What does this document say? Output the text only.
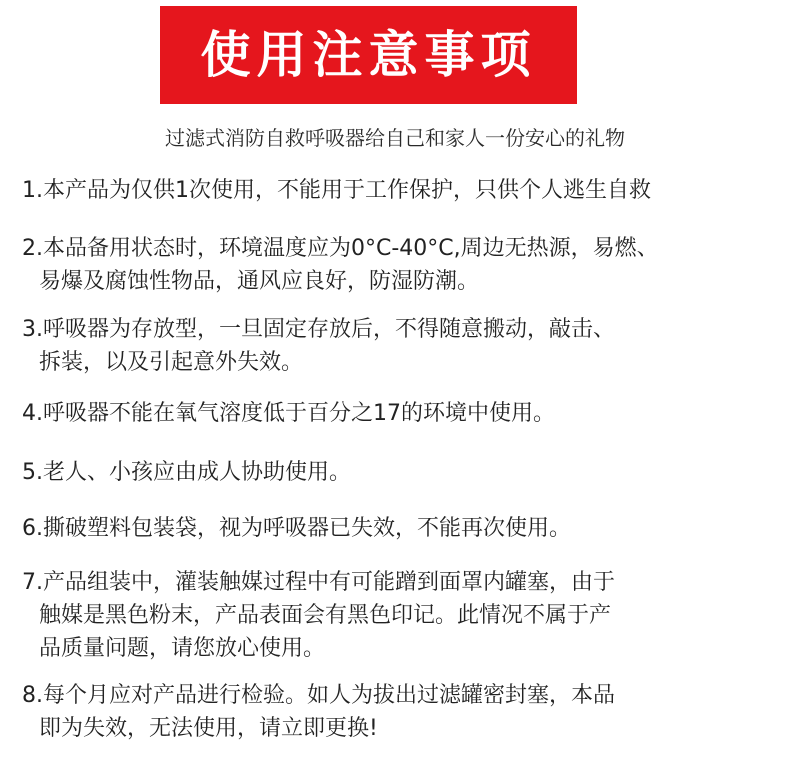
使用注意事项
过滤式消防自救呼吸器给自己和家人一份安心的礼物
1.本产品为仅供1次使用，不能用于工作保护，只供个人逃生自救
2.本品备用状态时，环境温度应为0°C-40°C,周边无热源，易燃、
易爆及腐蚀性物品，通风应良好，防湿防潮。
3.呼吸器为存放型，一旦固定存放后，不得随意搬动，敲击、
拆装，以及引起意外失效。
4.呼吸器不能在氧气溶度低于百分之17的环境中使用。
5.老人、小孩应由成人协助使用。
6.撕破塑料包装袋，视为呼吸器已失效，不能再次使用。
7.产品组装中，灌装触媒过程中有可能蹭到面罩内罐塞，由于
触媒是黑色粉末，产品表面会有黑色印记。此情况不属于产
品质量问题，请您放心使用。
8.每个月应对产品进行检验。如人为拔出过滤罐密封塞，本品
即为失效，无法使用，请立即更换!
